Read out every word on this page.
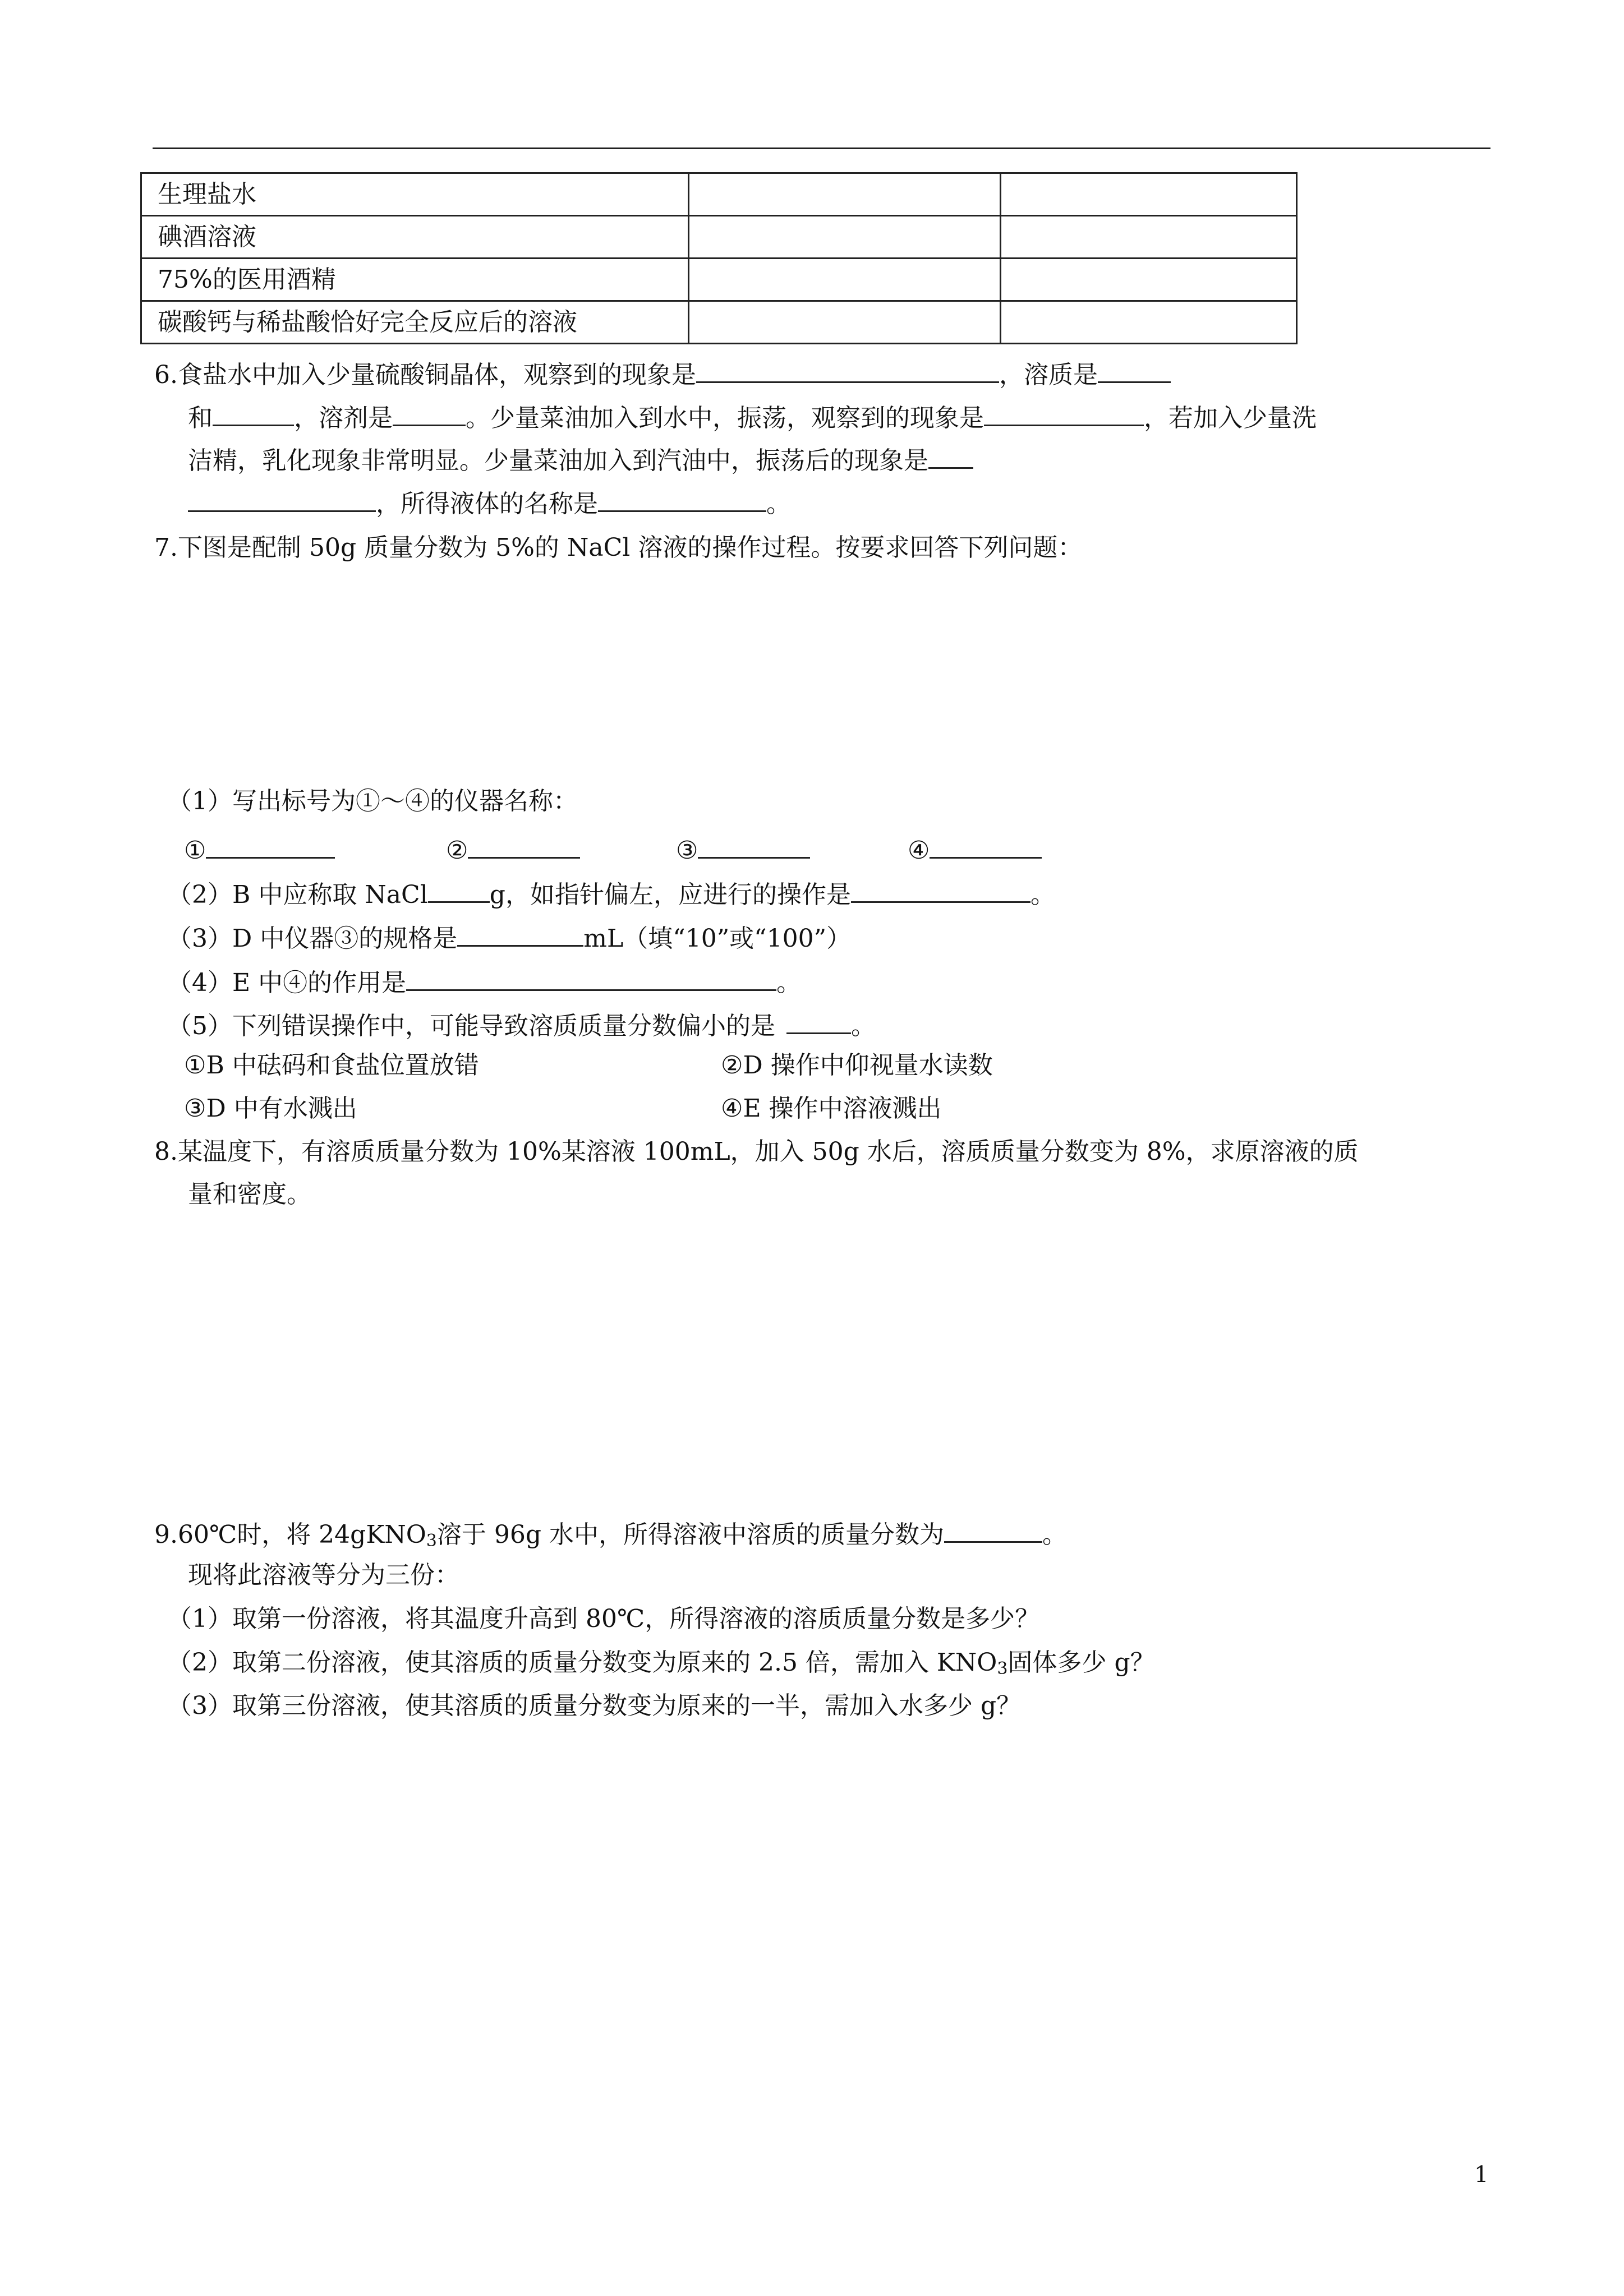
生理盐水		
碘酒溶液		
75%的医用酒精		
碳酸钙与稀盐酸恰好完全反应后的溶液		
6.食盐水中加入少量硫酸铜晶体，观察到的现象是	，溶质是
和	，溶剂是	。少量菜油加入到水中，振荡，观察到的现象是	，若加入少量洗
洁精，乳化现象非常明显。少量菜油加入到汽油中，振荡后的现象是
，所得液体的名称是	。
7.下图是配制 50g 质量分数为 5%的 NaCl 溶液的操作过程。按要求回答下列问题：
（1）写出标号为①～④的仪器名称：
①	②	③	④
（2）B 中应称取 NaCl	g，如指针偏左，应进行的操作是	。
（3）D 中仪器③的规格是	mL（填“10”或“100”）
（4）E 中④的作用是	。
（5）下列错误操作中，可能导致溶质质量分数偏小的是	。
①B 中砝码和食盐位置放错	②D 操作中仰视量水读数
③D 中有水溅出	④E 操作中溶液溅出
8.某温度下，有溶质质量分数为 10%某溶液 100mL，加入 50g 水后，溶质质量分数变为 8%，求原溶液的质
量和密度。
9.60℃时，将 24gKNO$_3$溶于 96g 水中，所得溶液中溶质的质量分数为	。
现将此溶液等分为三份：
（1）取第一份溶液，将其温度升高到 80℃，所得溶液的溶质质量分数是多少？
（2）取第二份溶液，使其溶质的质量分数变为原来的 2.5 倍，需加入 $KNO_3$固体多少 g？
（3）取第三份溶液，使其溶质的质量分数变为原来的一半，需加入水多少 g？
1
